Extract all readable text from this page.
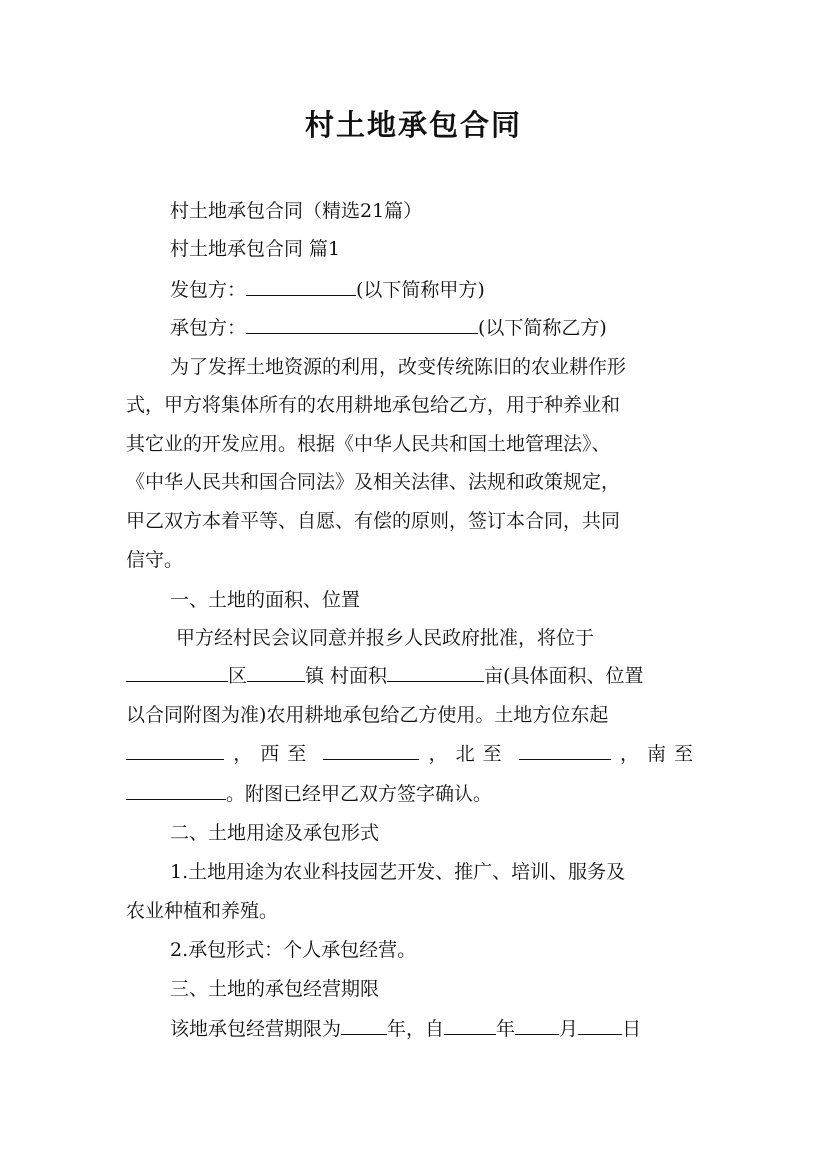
村土地承包合同
村土地承包合同（精选21篇）
村土地承包合同 篇1
发包方：	(以下简称甲方)
承包方：	(以下简称乙方)
为了发挥土地资源的利用，改变传统陈旧的农业耕作形
式，甲方将集体所有的农用耕地承包给乙方，用于种养业和
其它业的开发应用。根据《中华人民共和国土地管理法》、
《中华人民共和国合同法》及相关法律、法规和政策规定，
甲乙双方本着平等、自愿、有偿的原则，签订本合同，共同
信守。
一、土地的面积、位置
甲方经村民会议同意并报乡人民政府批准，将位于
区	镇 村面积	亩(具体面积、位置
以合同附图为准)农用耕地承包给乙方使用。土地方位东起
，西至	，北至	，南至
。附图已经甲乙双方签字确认。
二、土地用途及承包形式
1.土地用途为农业科技园艺开发、推广、培训、服务及
农业种植和养殖。
2.承包形式：个人承包经营。
三、土地的承包经营期限
该地承包经营期限为 年，自	年 月 日
